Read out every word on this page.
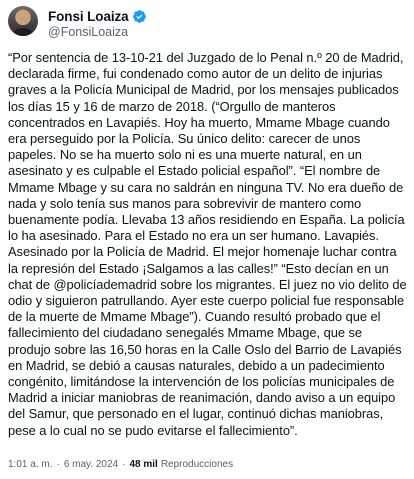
Fonsi Loaiza
@FonsiLoaiza
“Por sentencia de 13-10-21 del Juzgado de lo Penal n.º 20 de Madrid, declarada firme, fui condenado como autor de un delito de injurias graves a la Policía Municipal de Madrid, por los mensajes publicados los días 15 y 16 de marzo de 2018. (“Orgullo de manteros concentrados en Lavapiés. Hoy ha muerto, Mmame Mbage cuando era perseguido por la Policía. Su único delito: carecer de unos papeles. No se ha muerto solo ni es una muerte natural, en un asesinato y es culpable el Estado policial español”. “El nombre de Mmame Mbage y su cara no saldrán en ninguna TV. No era dueño de nada y solo tenía sus manos para sobrevivir de mantero como buenamente podía. Llevaba 13 años residiendo en España. La policía lo ha asesinado. Para el Estado no era un ser humano. Lavapiés. Asesinado por la Policía de Madrid. El mejor homenaje luchar contra la represión del Estado ¡Salgamos a las calles!” “Esto decían en un chat de @policíademadrid sobre los migrantes. El juez no vio delito de odio y siguieron patrullando. Ayer este cuerpo policial fue responsable de la muerte de Mmame Mbage”). Cuando resultó probado que el fallecimiento del ciudadano senegalés Mmame Mbage, que se produjo sobre las 16,50 horas en la Calle Oslo del Barrio de Lavapiés en Madrid, se debió a causas naturales, debido a un padecimiento congénito, limitándose la intervención de los policías municipales de Madrid a iniciar maniobras de reanimación, dando aviso a un equipo del Samur, que personado en el lugar, continuó dichas maniobras, pese a lo cual no se pudo evitarse el fallecimiento”.
1:01 a. m. · 6 may. 2024 · 48 mil Reproducciones
